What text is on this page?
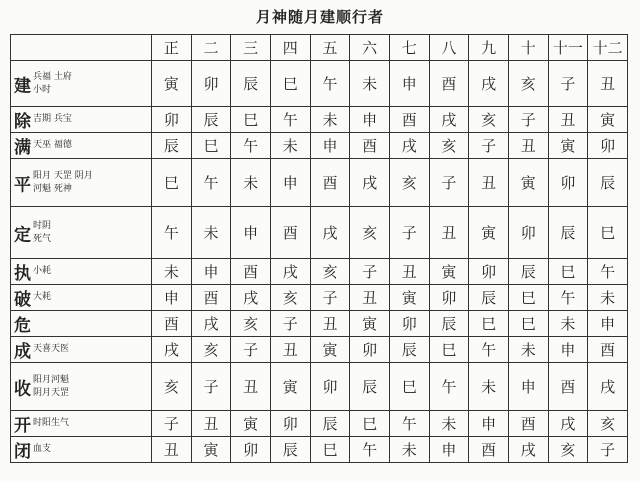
月神随月建顺行者
	正	二	三	四	五	六	七	八	九	十	十一	十二
建 兵福 土府
小时	寅	卯	辰	巳	午	未	申	酉	戌	亥	子	丑
除 吉期 兵宝	卯	辰	巳	午	未	申	酉	戌	亥	子	丑	寅
满 天巫 福德	辰	巳	午	未	申	酉	戌	亥	子	丑	寅	卯
平 阳月 天罡 阴月
河魁 死神	巳	午	未	申	酉	戌	亥	子	丑	寅	卯	辰
定 时阴
死气	午	未	申	酉	戌	亥	子	丑	寅	卯	辰	巳
执 小耗	未	申	酉	戌	亥	子	丑	寅	卯	辰	巳	午
破 大耗	申	酉	戌	亥	子	丑	寅	卯	辰	巳	午	未
危	酉	戌	亥	子	丑	寅	卯	辰	巳	巳	未	申
成 天喜天医	戌	亥	子	丑	寅	卯	辰	巳	午	未	申	酉
收 阳月河魁
阴月天罡	亥	子	丑	寅	卯	辰	巳	午	未	申	酉	戌
开 时阳生气	子	丑	寅	卯	辰	巳	午	未	申	酉	戌	亥
闭 血支	丑	寅	卯	辰	巳	午	未	申	酉	戌	亥	子
